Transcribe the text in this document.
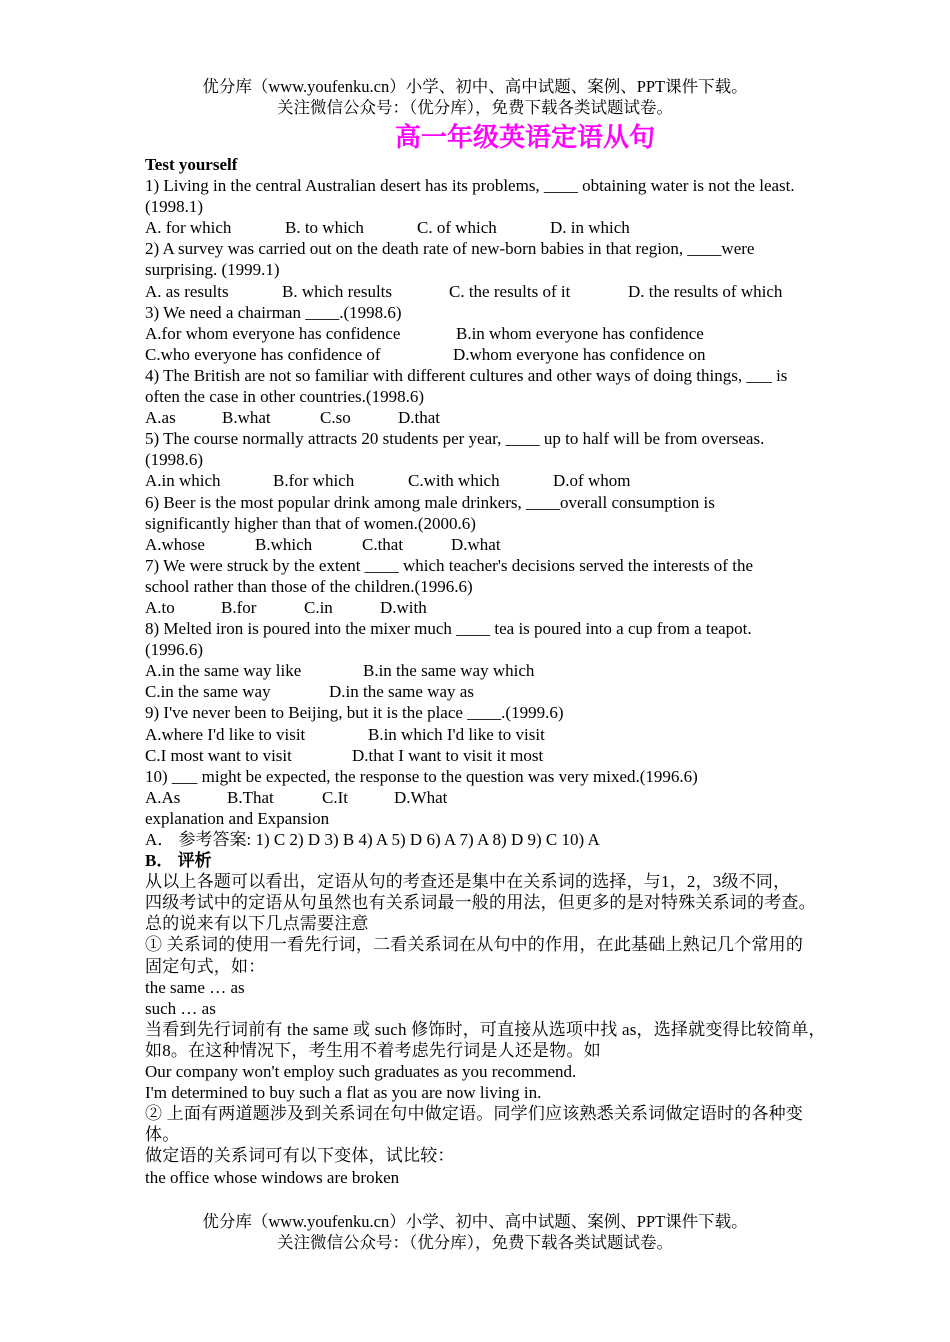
优分库（www.youfenku.cn）小学、初中、高中试题、案例、PPT课件下载。
关注微信公众号：（优分库），免费下载各类试题试卷。
高一年级英语定语从句
Test yourself
1) Living in the central Australian desert has its problems, ____ obtaining water is not the least.
(1998.1)
A. for which	B. to which	C. of which	D. in which
2) A survey was carried out on the death rate of new-born babies in that region, ____were
surprising. (1999.1)
A. as results	B. which results	C. the results of it	D. the results of which
3) We need a chairman ____.(1998.6)
A.for whom everyone has confidence	B.in whom everyone has confidence
C.who everyone has confidence of	D.whom everyone has confidence on
4) The British are not so familiar with different cultures and other ways of doing things, ___ is
often the case in other countries.(1998.6)
A.as	B.what	C.so	D.that
5) The course normally attracts 20 students per year, ____ up to half will be from overseas.
(1998.6)
A.in which	B.for which	C.with which	D.of whom
6) Beer is the most popular drink among male drinkers, ____overall consumption is
significantly higher than that of women.(2000.6)
A.whose	B.which	C.that	D.what
7) We were struck by the extent ____ which teacher's decisions served the interests of the
school rather than those of the children.(1996.6)
A.to	B.for	C.in	D.with
8) Melted iron is poured into the mixer much ____ tea is poured into a cup from a teapot.
(1996.6)
A.in the same way like	B.in the same way which
C.in the same way	D.in the same way as
9) I've never been to Beijing, but it is the place ____.(1999.6)
A.where I'd like to visit	B.in which I'd like to visit
C.I most want to visit	D.that I want to visit it most
10) ___ might be expected, the response to the question was very mixed.(1996.6)
A.As	B.That	C.It	D.What
explanation and Expansion
A． 参考答案: 1) C 2) D 3) B 4) A 5) D 6) A 7) A 8) D 9) C 10) A
B． 评析
从以上各题可以看出，定语从句的考查还是集中在关系词的选择，与1，2，3级不同，
四级考试中的定语从句虽然也有关系词最一般的用法，但更多的是对特殊关系词的考查。
总的说来有以下几点需要注意
① 关系词的使用一看先行词，二看关系词在从句中的作用，在此基础上熟记几个常用的
固定句式，如：
the same … as
such … as
当看到先行词前有 the same 或 such 修饰时，可直接从选项中找 as，选择就变得比较简单，
如8。在这种情况下，考生用不着考虑先行词是人还是物。如
Our company won't employ such graduates as you recommend.
I'm determined to buy such a flat as you are now living in.
② 上面有两道题涉及到关系词在句中做定语。同学们应该熟悉关系词做定语时的各种变
体。
做定语的关系词可有以下变体，试比较：
the office whose windows are broken
优分库（www.youfenku.cn）小学、初中、高中试题、案例、PPT课件下载。
关注微信公众号：（优分库），免费下载各类试题试卷。
